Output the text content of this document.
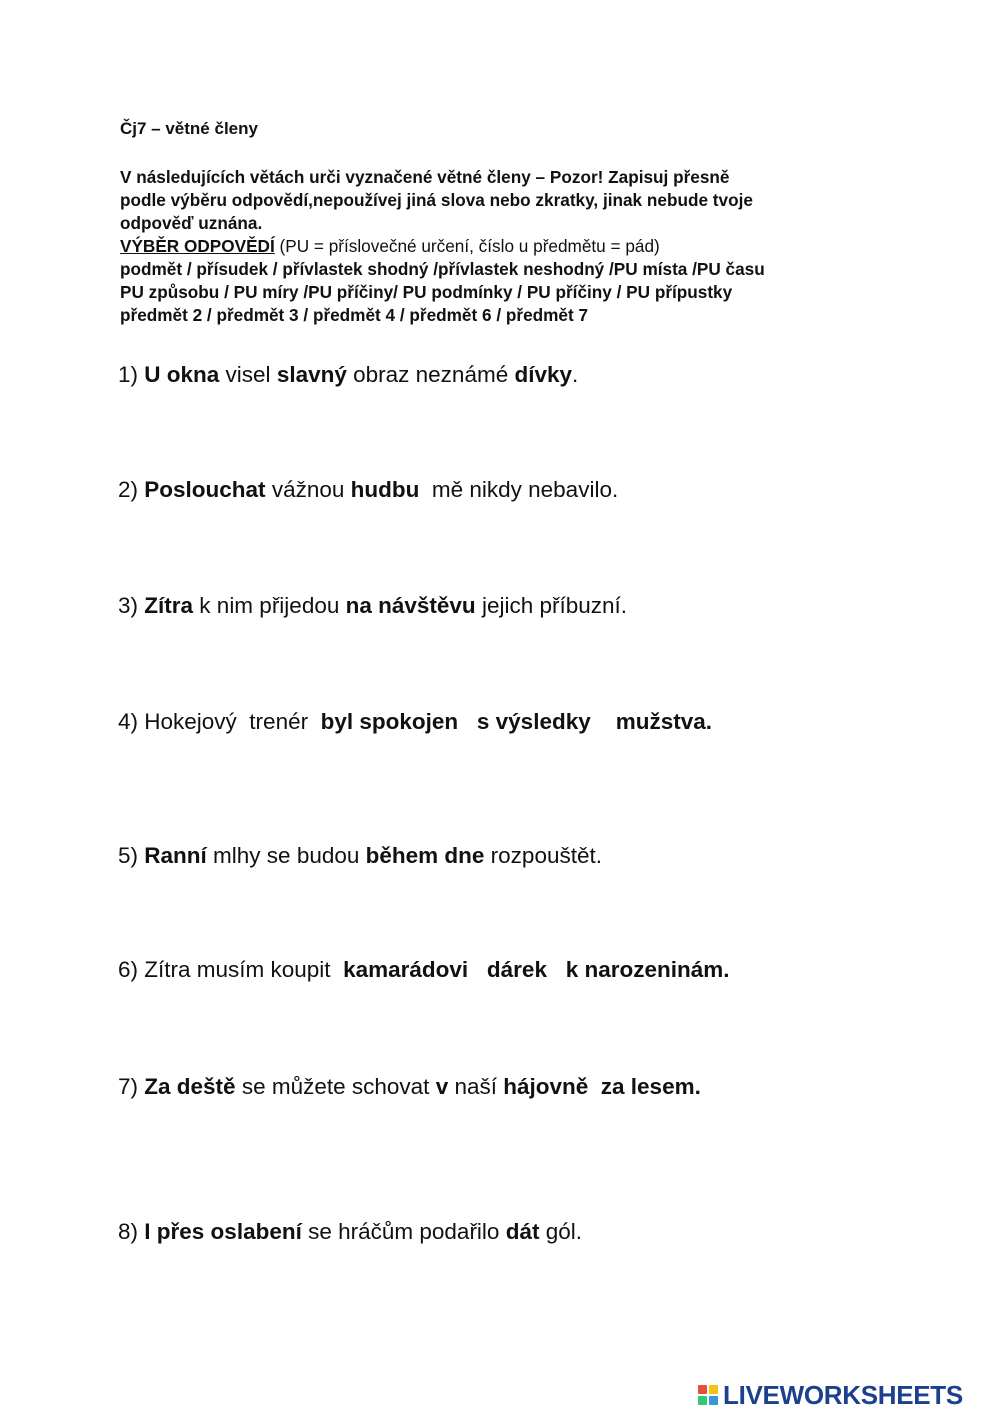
Čj7 – větné členy
V následujících větách urči vyznačené větné členy – Pozor! Zapisuj přesně
podle výběru odpovědí,nepoužívej jiná slova nebo zkratky, jinak nebude tvoje
odpověď uznána.
VÝBĚR ODPOVĚDÍ (PU = příslovečné určení, číslo u předmětu = pád)
podmět / přísudek / přívlastek shodný /přívlastek neshodný /PU místa /PU času
PU způsobu / PU míry /PU příčiny/ PU podmínky / PU příčiny / PU přípustky
předmět 2 / předmět 3 / předmět 4 / předmět 6 / předmět 7
1) U okna visel slavný obraz neznámé dívky.
2) Poslouchat vážnou hudbu  mě nikdy nebavilo.
3) Zítra k nim přijedou na návštěvu jejich příbuzní.
4) Hokejový  trenér  byl spokojen s výsledky mužstva.
5) Ranní mlhy se budou během dne rozpouštět.
6) Zítra musím koupit  kamarádovi dárek k narozeninám.
7) Za deště se můžete schovat v naší hájovně za lesem.
8) I přes oslabení se hráčům podařilo dát gól.
LIVEWORKSHEETS
